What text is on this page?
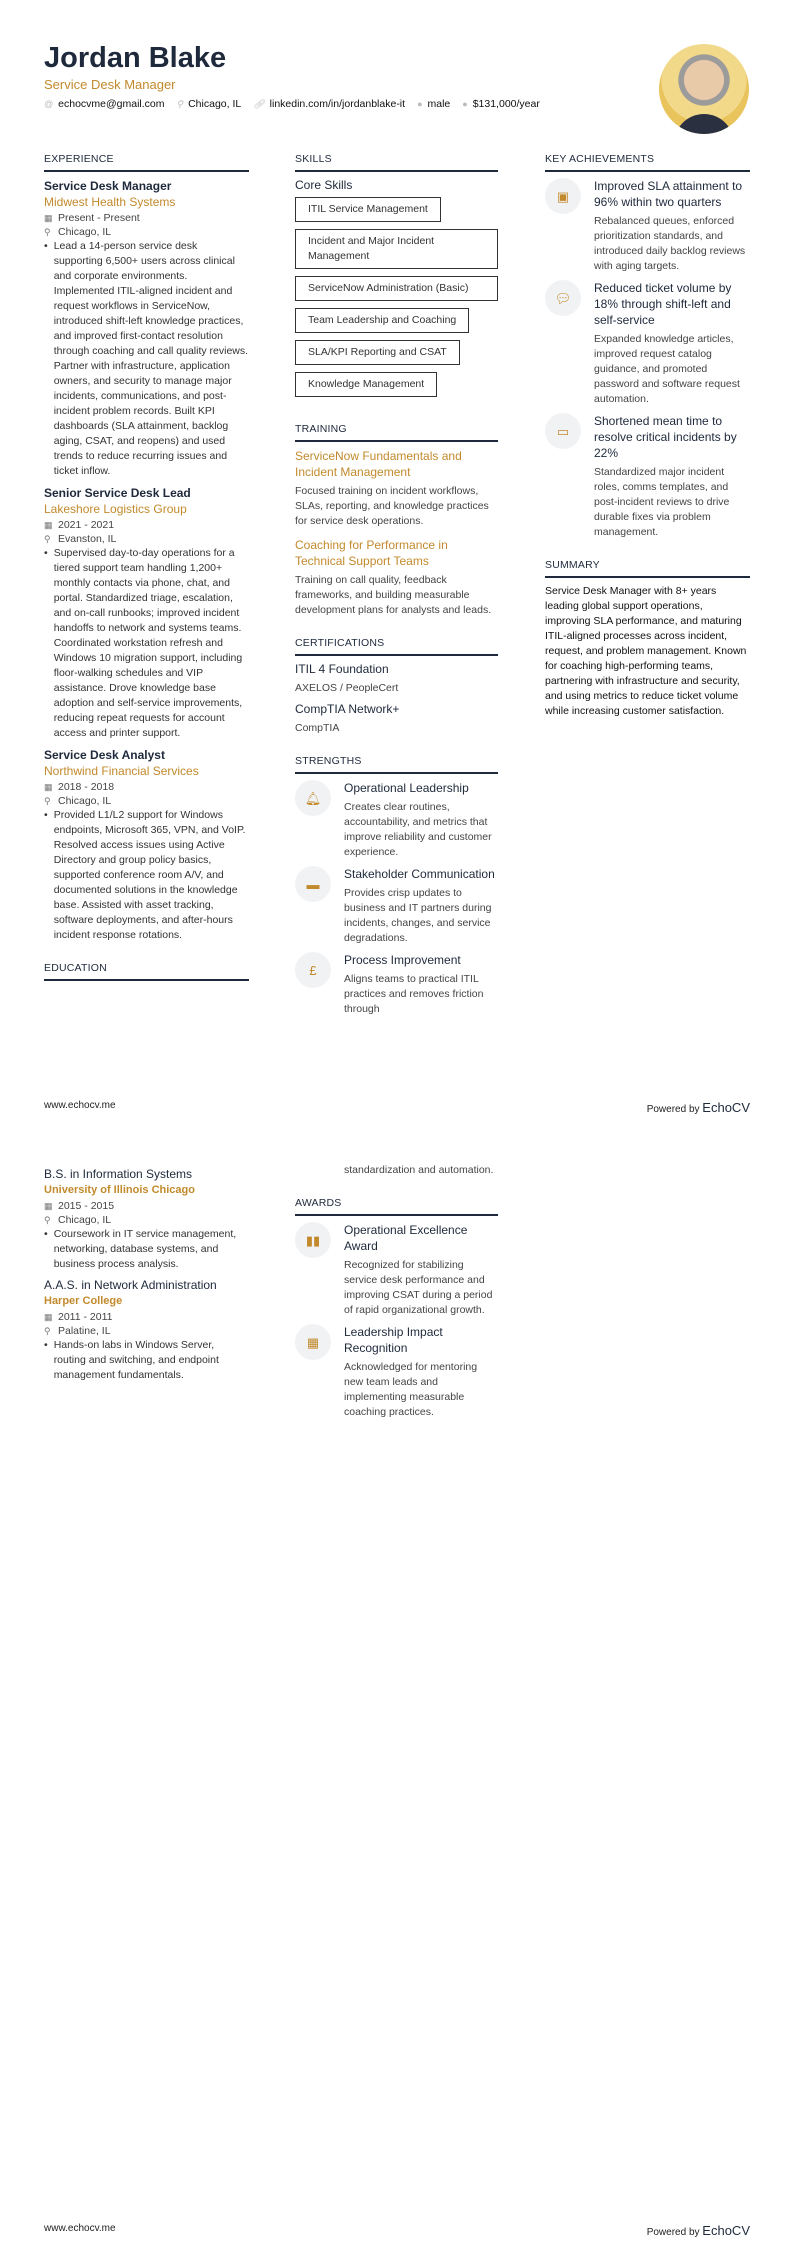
Jordan Blake
Service Desk Manager
@ echocvme@gmail.com ⚲ Chicago, IL 🔗︎ linkedin.com/in/jordanblake-it ● male ● $131,000/year
EXPERIENCE
Service Desk Manager
Midwest Health Systems
▦ Present - Present
⚲ Chicago, IL
• Lead a 14-person service desk supporting 6,500+ users across clinical and corporate environments. Implemented ITIL-aligned incident and request workflows in ServiceNow, introduced shift-left knowledge practices, and improved first-contact resolution through coaching and call quality reviews. Partner with infrastructure, application owners, and security to manage major incidents, communications, and post-incident problem records. Built KPI dashboards (SLA attainment, backlog aging, CSAT, and reopens) and used trends to reduce recurring issues and ticket inflow.
Senior Service Desk Lead
Lakeshore Logistics Group
▦ 2021 - 2021
⚲ Evanston, IL
• Supervised day-to-day operations for a tiered support team handling 1,200+ monthly contacts via phone, chat, and portal. Standardized triage, escalation, and on-call runbooks; improved incident handoffs to network and systems teams. Coordinated workstation refresh and Windows 10 migration support, including floor-walking schedules and VIP assistance. Drove knowledge base adoption and self-service improvements, reducing repeat requests for account access and printer support.
Service Desk Analyst
Northwind Financial Services
▦ 2018 - 2018
⚲ Chicago, IL
• Provided L1/L2 support for Windows endpoints, Microsoft 365, VPN, and VoIP. Resolved access issues using Active Directory and group policy basics, supported conference room A/V, and documented solutions in the knowledge base. Assisted with asset tracking, software deployments, and after-hours incident response rotations.
EDUCATION
SKILLS
Core Skills
ITIL Service Management Incident and Major Incident Management ServiceNow Administration (Basic) Team Leadership and Coaching SLA/KPI Reporting and CSAT Knowledge Management
TRAINING
ServiceNow Fundamentals and Incident Management
Focused training on incident workflows, SLAs, reporting, and knowledge practices for service desk operations.
Coaching for Performance in Technical Support Teams
Training on call quality, feedback frameworks, and building measurable development plans for analysts and leads.
CERTIFICATIONS
ITIL 4 Foundation
AXELOS / PeopleCert
CompTIA Network+
CompTIA
STRENGTHS
🔔︎
Operational Leadership
Creates clear routines, accountability, and metrics that improve reliability and customer experience.
▬
Stakeholder Communication
Provides crisp updates to business and IT partners during incidents, changes, and service degradations.
£
Process Improvement
Aligns teams to practical ITIL practices and removes friction through
KEY ACHIEVEMENTS
▣
Improved SLA attainment to 96% within two quarters
Rebalanced queues, enforced prioritization standards, and introduced daily backlog reviews with aging targets.
💬︎
Reduced ticket volume by 18% through shift-left and self-service
Expanded knowledge articles, improved request catalog guidance, and promoted password and software request automation.
▭
Shortened mean time to resolve critical incidents by 22%
Standardized major incident roles, comms templates, and post-incident reviews to drive durable fixes via problem management.
SUMMARY
Service Desk Manager with 8+ years leading global support operations, improving SLA performance, and maturing ITIL-aligned processes across incident, request, and problem management. Known for coaching high-performing teams, partnering with infrastructure and security, and using metrics to reduce ticket volume while increasing customer satisfaction.
www.echocv.me	Powered by EchoCV
B.S. in Information Systems
University of Illinois Chicago
▦ 2015 - 2015
⚲ Chicago, IL
• Coursework in IT service management, networking, database systems, and business process analysis.
A.A.S. in Network Administration
Harper College
▦ 2011 - 2011
⚲ Palatine, IL
• Hands-on labs in Windows Server, routing and switching, and endpoint management fundamentals.
standardization and automation.
AWARDS
▮▮
Operational Excellence Award
Recognized for stabilizing service desk performance and improving CSAT during a period of rapid organizational growth.
▦
Leadership Impact Recognition
Acknowledged for mentoring new team leads and implementing measurable coaching practices.
www.echocv.me	Powered by EchoCV
